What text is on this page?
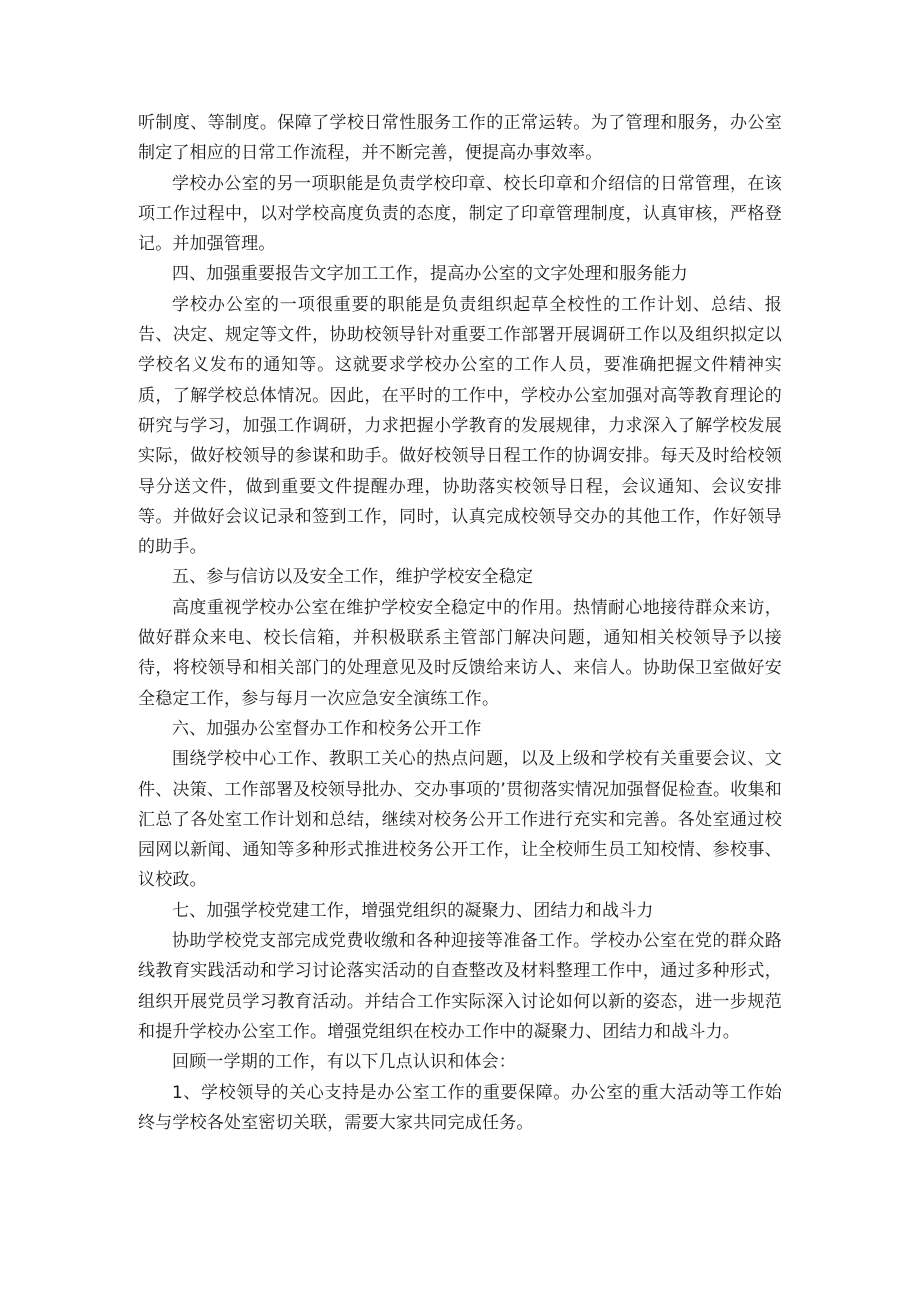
听制度、等制度。保障了学校日常性服务工作的正常运转。为了管理和服务，办公室制定了相应的日常工作流程，并不断完善，便提高办事效率。

学校办公室的另一项职能是负责学校印章、校长印章和介绍信的日常管理，在该项工作过程中，以对学校高度负责的态度，制定了印章管理制度，认真审核，严格登记。并加强管理。

四、加强重要报告文字加工工作，提高办公室的文字处理和服务能力

学校办公室的一项很重要的职能是负责组织起草全校性的工作计划、总结、报告、决定、规定等文件，协助校领导针对重要工作部署开展调研工作以及组织拟定以学校名义发布的通知等。这就要求学校办公室的工作人员，要准确把握文件精神实质，了解学校总体情况。因此，在平时的工作中，学校办公室加强对高等教育理论的研究与学习，加强工作调研，力求把握小学教育的发展规律，力求深入了解学校发展实际，做好校领导的参谋和助手。做好校领导日程工作的协调安排。每天及时给校领导分送文件，做到重要文件提醒办理，协助落实校领导日程，会议通知、会议安排等。并做好会议记录和签到工作，同时，认真完成校领导交办的其他工作，作好领导的助手。

五、参与信访以及安全工作，维护学校安全稳定

高度重视学校办公室在维护学校安全稳定中的作用。热情耐心地接待群众来访，做好群众来电、校长信箱，并积极联系主管部门解决问题，通知相关校领导予以接待，将校领导和相关部门的处理意见及时反馈给来访人、来信人。协助保卫室做好安全稳定工作，参与每月一次应急安全演练工作。

六、加强办公室督办工作和校务公开工作

围绕学校中心工作、教职工关心的热点问题，以及上级和学校有关重要会议、文件、决策、工作部署及校领导批办、交办事项的’贯彻落实情况加强督促检查。收集和汇总了各处室工作计划和总结，继续对校务公开工作进行充实和完善。各处室通过校园网以新闻、通知等多种形式推进校务公开工作，让全校师生员工知校情、参校事、议校政。

七、加强学校党建工作，增强党组织的凝聚力、团结力和战斗力

协助学校党支部完成党费收缴和各种迎接等准备工作。学校办公室在党的群众路线教育实践活动和学习讨论落实活动的自查整改及材料整理工作中，通过多种形式，组织开展党员学习教育活动。并结合工作实际深入讨论如何以新的姿态，进一步规范和提升学校办公室工作。增强党组织在校办工作中的凝聚力、团结力和战斗力。

回顾一学期的工作，有以下几点认识和体会：

1、学校领导的关心支持是办公室工作的重要保障。办公室的重大活动等工作始终与学校各处室密切关联，需要大家共同完成任务。
